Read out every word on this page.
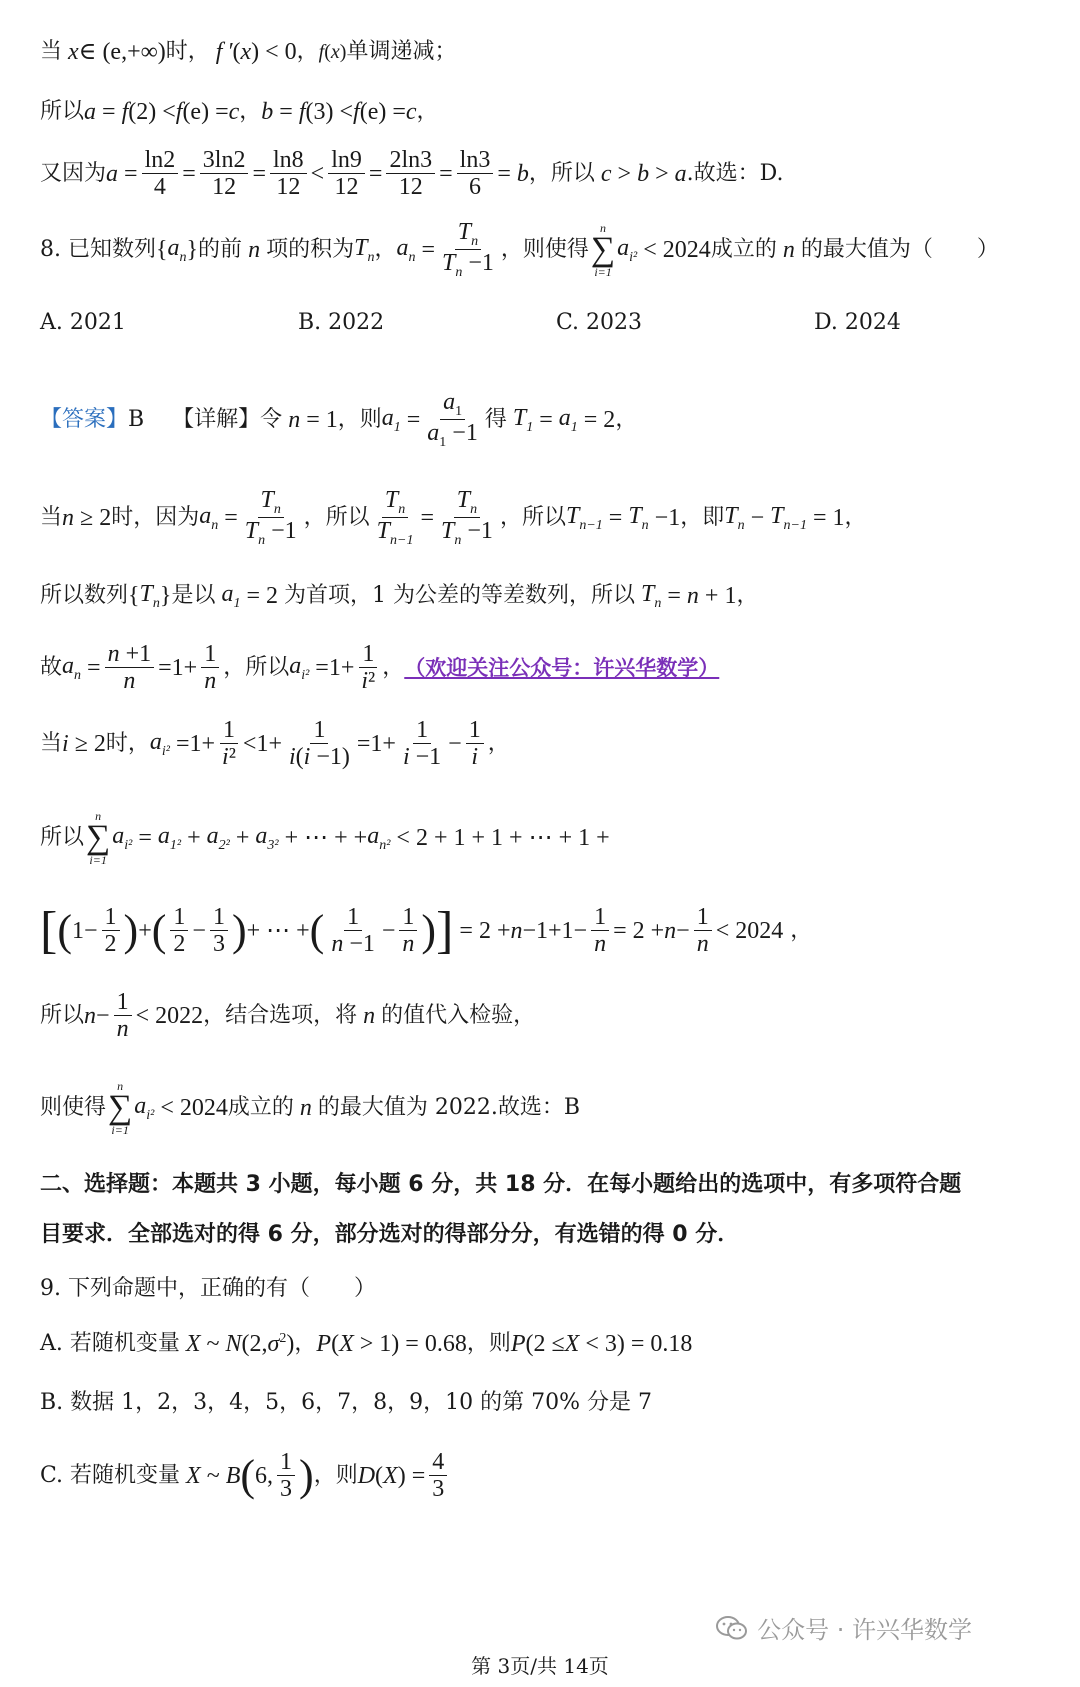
当 x ∈ (e,+∞) 时， f ′ ( x ) < 0 ， f ( x ) 单调递减；
所以 a = f (2) < f (e) = c ， b = f (3) < f (e) = c ，
又因为 $a = \frac{\ln 2}{4} = \frac{3\ln 2}{12} = \frac{\ln 8}{12} < \frac{\ln 9}{12} = \frac{2\ln 3}{12} = \frac{\ln 3}{6} = b$ ，所以 c > b > a .故选：D.
8. 已知数列 { $a_n$ } 的前 n 项的积为 $T_n$ ， $a_n = \frac{T_n}{T_n -1}$ ，则使得
n
∑
i=1
$a_{i^2} < 2024$ 成立的 n 的最大值为（　　）
A. 2021	B. 2022	C. 2023	D. 2024
【答案】 B
【详解】令 n = 1 ，则 $a_1 = \frac{a_1}{a_1 -1}$ 得 $T_1 = a_1 = 2$ ，
当 n ≥ 2 时，因为 $a_n = \frac{T_n}{T_n -1}$ ，所以 $\frac{T_n}{T_{n-1}} = \frac{T_n}{T_n -1}$ ，所以 $T_{n-1} = T_n -1$ ，即 $T_n - T_{n-1} = 1$ ，
所以数列 { $T_n$ } 是以 $a_1 = 2$ 为首项，1 为公差的等差数列，所以 $T_n = n + 1$ ，
故 $a_n = \frac{n +1}{n} =1+ \frac{1}{n}$ ，所以 $a_{i^2} =1+ \frac{1}{\text{i²}}$ ， （欢迎关注公众号：许兴华数学）
当 i ≥ 2 时， $a_{i^2} =1+ \frac{1}{\text{i²}} <1+ \frac{1}{i(i -1)} =1+ \frac{1}{i -1} - \frac{1}{i}$ ，
所以
n
∑
i=1
$a_{i^2} = a_{1^2} + a_{2^2} + a_{3^2}$ + ⋯ + + $a_{n^2} < 2 + 1 + 1$ + ⋯ + 1 +
[ ( $1- \frac{1}{2}$ ) + ( $\frac{1}{2} - \frac{1}{3}$ ) + ⋯ + ( $\frac{1}{n -1} - \frac{1}{n}$ ) ] = $2 + n -1+1- \frac{1}{n} = 2 + n - \frac{1}{n} < 2024$ ，
所以 $n - \frac{1}{n} < 2022$ ，结合选项，将 n 的值代入检验，
则使得
n
∑
i=1
$a_{i^2} < 2024$ 成立的 n 的最大值为 2022.故选：B
二、选择题：本题共 3 小题，每小题 6 分，共 18 分．在每小题给出的选项中，有多项符合题
目要求．全部选对的得 6 分，部分选对的得部分分，有选错的得 0 分．
9. 下列命题中，正确的有（　　）
A. 若随机变量 X ~ N (2, σ $^2$) ， P ( X > 1) = 0.68 ，则 P (2 ≤ X < 3) = 0.18
B. 数据 1，2，3，4，5，6，7，8，9，10 的第 70% 分是 7
C. 若随机变量 X ~ B ( 6, $\frac{1}{3}$ ) ，则 D ( X ) = $\frac{4}{3}$
公众号 · 许兴华数学
第 3页/共 14页
